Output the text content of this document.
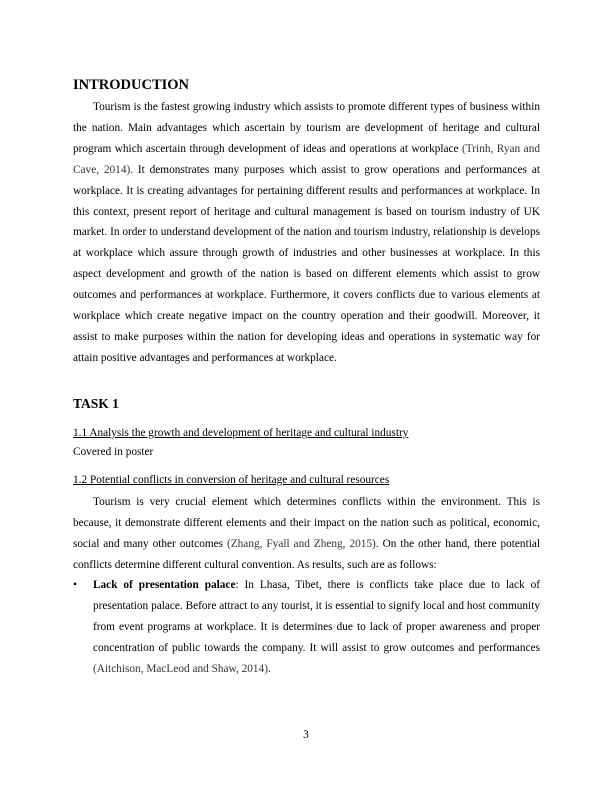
INTRODUCTION
Tourism is the fastest growing industry which assists to promote different types of business within the nation. Main advantages which ascertain by tourism are development of heritage and cultural program which ascertain through development of ideas and operations at workplace (Trinh, Ryan and Cave, 2014). It demonstrates many purposes which assist to grow operations and performances at workplace. It is creating advantages for pertaining different results and performances at workplace. In this context, present report of heritage and cultural management is based on tourism industry of UK market. In order to understand development of the nation and tourism industry, relationship is develops at workplace which assure through growth of industries and other businesses at workplace. In this aspect development and growth of the nation is based on different elements which assist to grow outcomes and performances at workplace. Furthermore, it covers conflicts due to various elements at workplace which create negative impact on the country operation and their goodwill. Moreover, it assist to make purposes within the nation for developing ideas and operations in systematic way for attain positive advantages and performances at workplace.
TASK 1
1.1 Analysis the growth and development of heritage and cultural industry
Covered in poster
1.2 Potential conflicts in conversion of heritage and cultural resources
Tourism is very crucial element which determines conflicts within the environment. This is because, it demonstrate different elements and their impact on the nation such as political, economic, social and many other outcomes (Zhang, Fyall and Zheng, 2015). On the other hand, there potential conflicts determine different cultural convention. As results, such are as follows:
• Lack of presentation palace: In Lhasa, Tibet, there is conflicts take place due to lack of presentation palace. Before attract to any tourist, it is essential to signify local and host community from event programs at workplace. It is determines due to lack of proper awareness and proper concentration of public towards the company. It will assist to grow outcomes and performances (Aitchison, MacLeod and Shaw, 2014).
3
